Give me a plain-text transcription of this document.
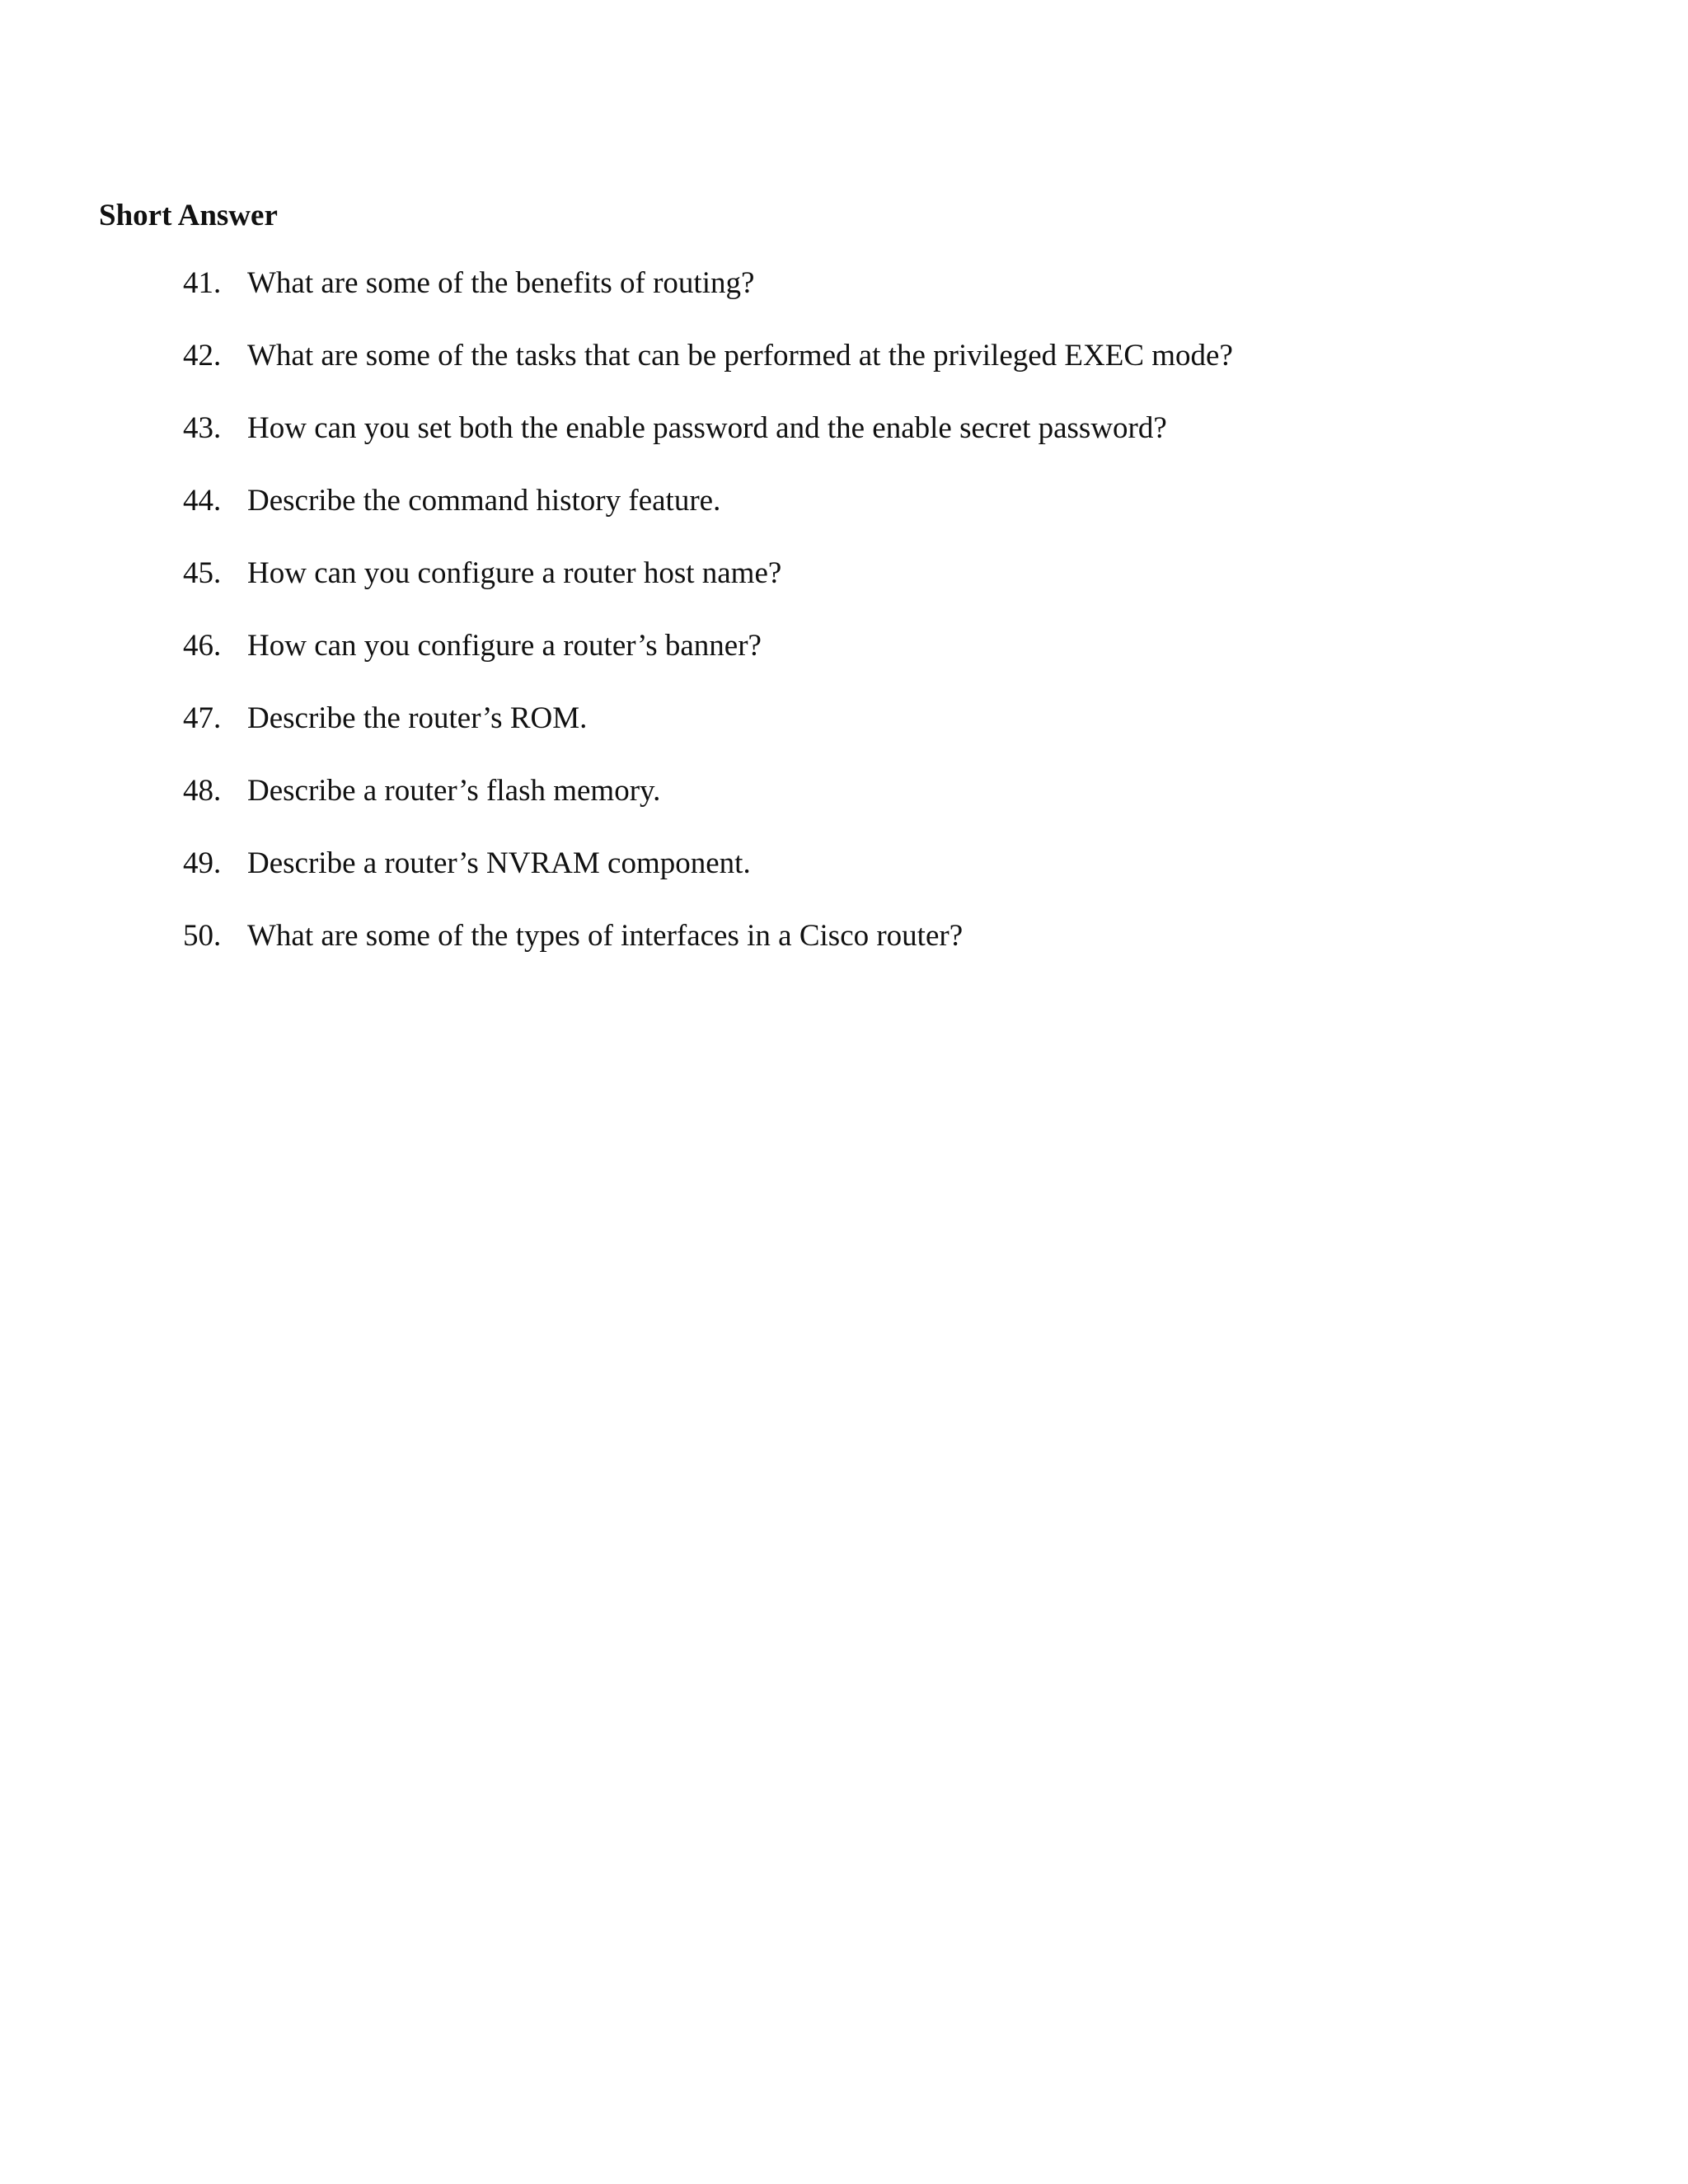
Short Answer
41. What are some of the benefits of routing?
42. What are some of the tasks that can be performed at the privileged EXEC mode?
43. How can you set both the enable password and the enable secret password?
44. Describe the command history feature.
45. How can you configure a router host name?
46. How can you configure a router’s banner?
47. Describe the router’s ROM.
48. Describe a router’s flash memory.
49. Describe a router’s NVRAM component.
50. What are some of the types of interfaces in a Cisco router?
